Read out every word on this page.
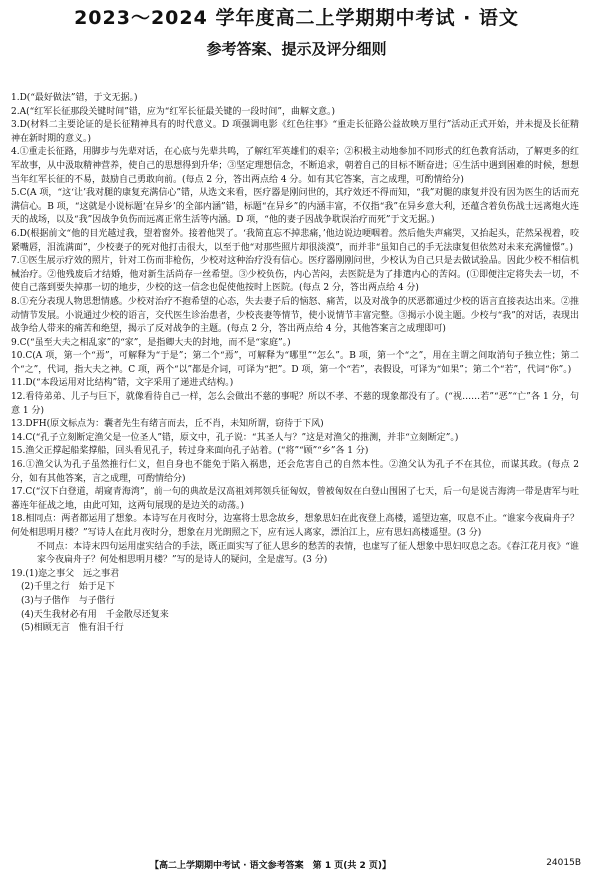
2023～2024 学年度高二上学期期中考试 · 语文
参考答案、提示及评分细则
1.D(“最好做法”错，于文无据。)
2.A(“红军长征那段关键时间”错，应为“红军长征最关键的一段时间”，曲解文意。)
3.D(材料二主要论证的是长征精神具有的时代意义。D 项强调电影《红色往事》“重走长征路公益故映万里行”活动正式开始，并未提及长征精神在新时期的意义。)
4.①重走长征路，用脚步与先辈对话，在心底与先辈共鸣，了解红军英雄们的艰辛；②积极主动地参加不同形式的红色教育活动，了解更多的红军故事，从中汲取精神营养，使自己的思想得到升华；③坚定理想信念，不断追求，朝着自己的目标不断奋进；④生活中遇到困难的时候，想想当年红军长征的不易，鼓励自己勇敢向前。(每点 2 分，答出两点给 4 分。如有其它答案，言之成理，可酌情给分)
5.C(A 项，“这‘让’我对腿的康复充满信心”错，从选文来看，医疗器是刚问世的，其疗效还不得而知，“我”对腿的康复并没有因为医生的话而充满信心。B 项，“这就是小说标题‘在异乡’的全部内涵”错，标题“在异乡”的内涵丰富，不仅指“我”在异乡意大利，还蕴含着负伤战士远离炮火连天的战场，以及“我”因战争负伤而远离正常生活等内涵。D 项，“他的妻子因战争耽误治疗而死”于文无据。)
6.D(根据前文“他的目光越过我，望着窗外。接着他哭了。‘我简直忘不掉悲痛，’他边说边哽咽着。然后他失声痛哭，又抬起头，茫然呆视着，咬紧嘴唇，泪流满面”，少校妻子的死对他打击很大，以至于他“对那些照片却很淡漠”，而并非“虽知自己的手无法康复但依然对未来充满憧憬”。)
7.①医生展示疗效的照片，针对工伤而非枪伤，少校对这种治疗没有信心。医疗器刚刚问世，少校认为自己只是去做试验品。因此少校不相信机械治疗。②他残废后才结婚，他对新生活尚存一丝希望。③少校负伤，内心苦闷，去医院是为了排遣内心的苦闷。(①即便注定将失去一切，不使自己落到要失掉那一切的地步，少校的这一信念也促使他按时上医院。(每点 2 分，答出两点给 4 分)
8.①充分表现人物思想情感。少校对治疗不抱希望的心态，失去妻子后的恼怒、痛苦，以及对战争的厌恶都通过少校的语言直接表达出来。②推动情节发展。小说通过少校的语言，交代医生诊治患者，少校丧妻等情节，使小说情节丰富完整。③揭示小说主题。少校与“我”的对话，表现出战争给人带来的痛苦和绝望，揭示了反对战争的主题。(每点 2 分，答出两点给 4 分，其他答案言之成理即可)
9.C(“虽至大夫之相乱家”的“家”，是指卿大夫的封地，而不是“家庭”。)
10.C(A 项，第一个“焉”，可解释为“于是”；第二个“焉”，可解释为“哪里”“怎么”。B 项，第一个“之”，用在主谓之间取消句子独立性；第二个“之”，代词，指大夫之神。C 项，两个“以”都是介词，可译为“把”。D 项，第一个“若”，表假设，可译为“如果”；第二个“若”，代词“你”。)
11.D(“本段运用对比结构”错，文字采用了递进式结构。)
12.看待弟弟、儿子与巨下，就像看待自己一样，怎么会做出不慈的事呢？所以不孝、不慈的现象都没有了。(“视……若”“恶”“亡”各 1 分，句意 1 分)
13.DFH(原文标点为：囊者先生有绪言而去，丘不肖，未知所谓，窃待于下风)
14.C(“孔子立刻断定渔父是一位圣人”错，原文中，孔子说：“其圣人与？”这是对渔父的推测，并非“立刻断定”。)
15.渔父正撑起船桨撑船，回头看见孔子，转过身来面向孔子站着。(“将”“顾”“乡”各 1 分)
16.①渔父认为孔子虽然推行仁义，但自身也不能免于陷入祸患，还会危害自己的自然本性。②渔父认为孔子不在其位，而谋其政。(每点 2 分，如有其他答案，言之成理，可酌情给分)
17.C(“汉下白登道，胡窥青海湾”，前一句的典故是汉高祖刘邦领兵征匈奴，曾被匈奴在白登山围困了七天，后一句是说吉海湾一带是唐军与吐蕃连年征战之地，由此可知，这两句展现的是边关的动荡。)
18.相同点：两者都运用了想象。本诗写在月夜时分，边塞将士思念故乡，想象思妇在此夜登上高楼，遥望边塞，叹息不止。“谁家今夜扁舟子？何处相思明月楼？”写诗人在此月夜时分，想象在月光朗照之下，应有远人离家，漂泊江上，应有思妇高楼遥望。(3 分)
不同点：本诗末四句运用虚实结合的手法，既正面实写了征人思乡的愁苦的表情，也虚写了征人想象中思妇叹息之态。《春江花月夜》“谁家今夜扁舟子？何处相思明月楼？”写的是诗人的疑问，全是虚写。(3 分)
19.(1)迩之事父　远之事君
(2)千里之行　始于足下
(3)与子偕作　与子偕行
(4)天生我材必有用　千金散尽还复来
(5)相顾无言　惟有泪千行
【高二上学期期中考试 · 语文参考答案　第 1 页(共 2 页)】	24015B
